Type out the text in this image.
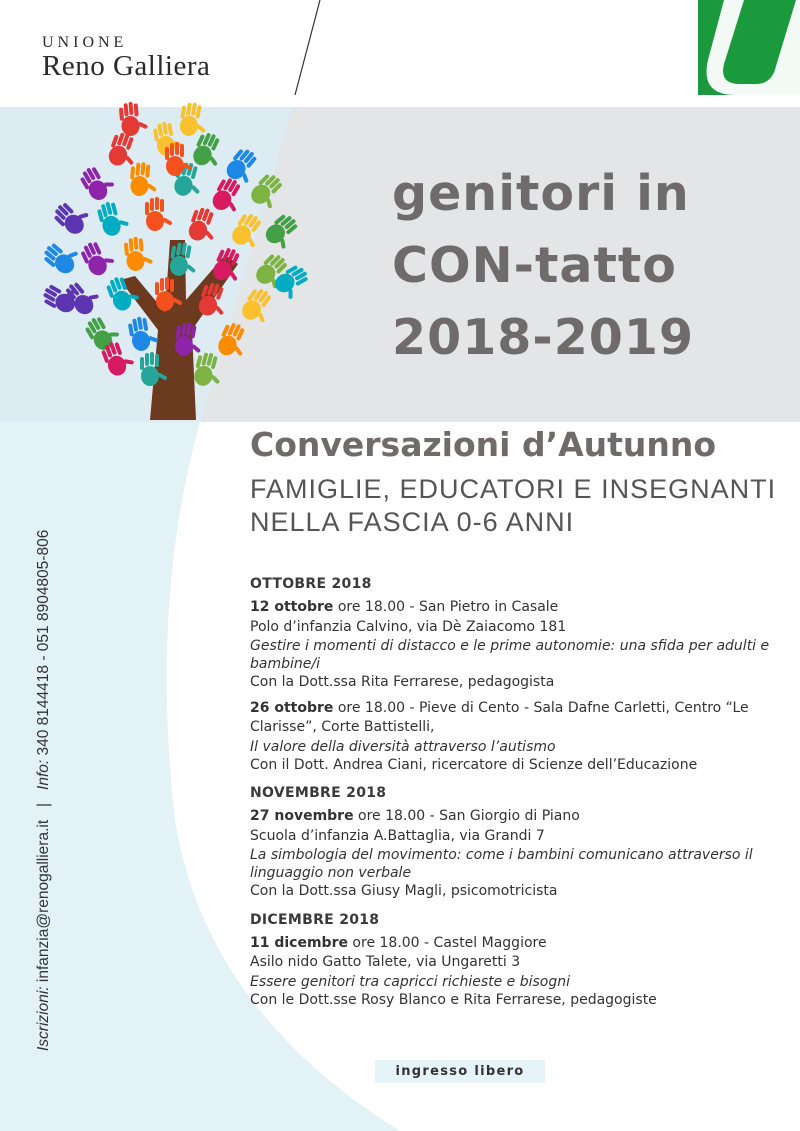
UNIONE
Reno Galliera
genitori in
CON-tatto
2018-2019
Iscrizioni: infanzia@renogalliera.it   |   Info: 340 8144418 - 051 8904805-806
Conversazioni d’Autunno
FAMIGLIE, EDUCATORI E INSEGNANTI
NELLA FASCIA 0-6 ANNI
OTTOBRE 2018
12 ottobre ore 18.00 - San Pietro in Casale
Polo d’infanzia Calvino, via Dè Zaiacomo 181
Gestire i momenti di distacco e le prime autonomie: una sfida per adulti e bambine/i
Con la Dott.ssa Rita Ferrarese, pedagogista
26 ottobre ore 18.00 - Pieve di Cento - Sala Dafne Carletti, Centro “Le Clarisse”, Corte Battistelli,
Il valore della diversità attraverso l’autismo
Con il Dott. Andrea Ciani, ricercatore di Scienze dell’Educazione
NOVEMBRE 2018
27 novembre ore 18.00 - San Giorgio di Piano
Scuola d’infanzia A.Battaglia, via Grandi 7
La simbologia del movimento: come i bambini comunicano attraverso il linguaggio non verbale
Con la Dott.ssa Giusy Magli, psicomotricista
DICEMBRE 2018
11 dicembre ore 18.00 - Castel Maggiore
Asilo nido Gatto Talete, via Ungaretti 3
Essere genitori tra capricci richieste e bisogni
Con le Dott.sse Rosy Blanco e Rita Ferrarese, pedagogiste
ingresso libero
